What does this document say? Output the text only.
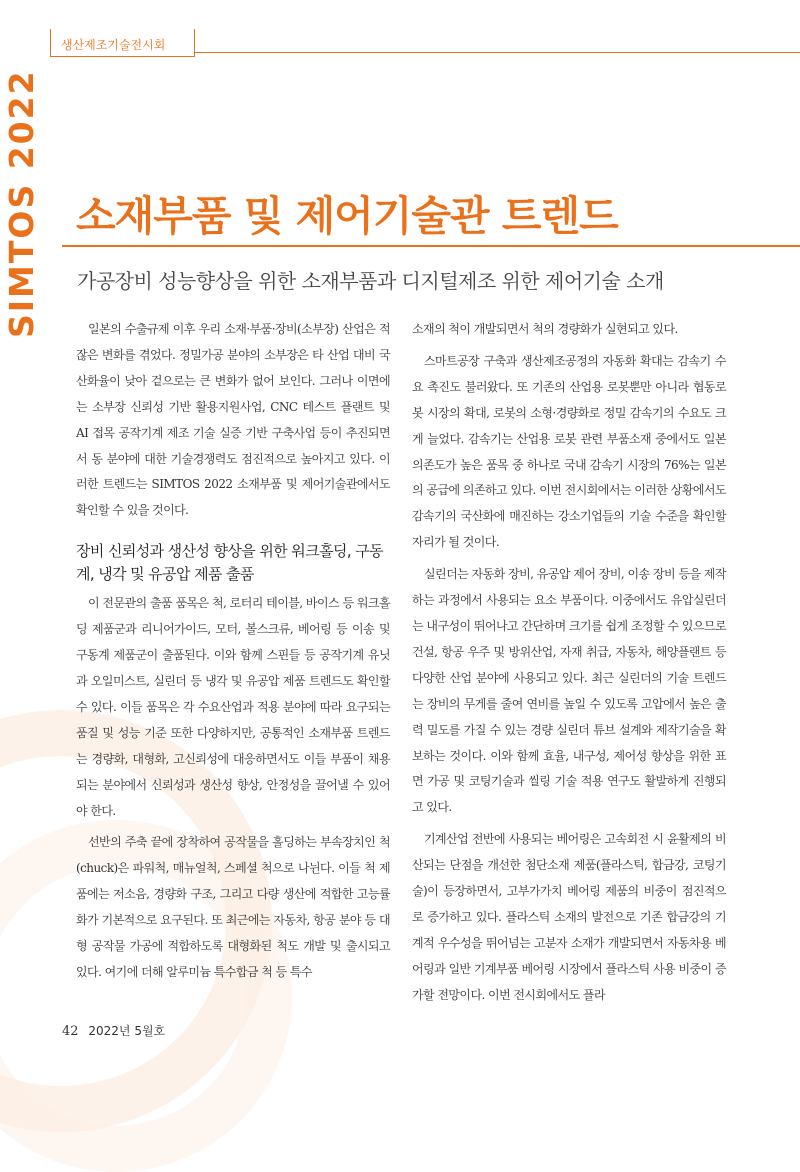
생산제조기술전시회
SIMTOS 2022 소재부품 및 제어기술관 트렌드

가공장비 성능향상을 위한 소재부품과 디지털제조 위한 제어기술 소개

일본의 수출규제 이후 우리 소재·부품·장비(소부장) 산업은 적잖은 변화를 겪었다. 정밀가공 분야의 소부장은 타 산업 대비 국산화율이 낮아 겉으로는 큰 변화가 없어 보인다. 그러나 이면에는 소부장 신뢰성 기반 활용지원사업, CNC 테스트 플랜트 및 AI 접목 공작기계 제조 기술 실증 기반 구축사업 등이 추진되면서 동 분야에 대한 기술경쟁력도 점진적으로 높아지고 있다. 이러한 트렌드는 SIMTOS 2022 소재부품 및 제어기술관에서도 확인할 수 있을 것이다.

장비 신뢰성과 생산성 향상을 위한 워크홀딩, 구동계, 냉각 및 유공압 제품 출품

이 전문관의 출품 품목은 척, 로터리 테이블, 바이스 등 워크홀딩 제품군과 리니어가이드, 모터, 볼스크류, 베어링 등 이송 및 구동계 제품군이 출품된다. 이와 함께 스핀들 등 공작기계 유닛과 오일미스트, 실린더 등 냉각 및 유공압 제품 트렌드도 확인할 수 있다. 이들 품목은 각 수요산업과 적용 분야에 따라 요구되는 품질 및 성능 기준 또한 다양하지만, 공통적인 소재부품 트렌드는 경량화, 대형화, 고신뢰성에 대응하면서도 이들 부품이 채용되는 분야에서 신뢰성과 생산성 향상, 안정성을 끌어낼 수 있어야 한다.

선반의 주축 끝에 장착하여 공작물을 홀딩하는 부속장치인 척(chuck)은 파워척, 매뉴얼척, 스페셜 척으로 나뉜다. 이들 척 제품에는 저소음, 경량화 구조, 그리고 다량 생산에 적합한 고능률화가 기본적으로 요구된다. 또 최근에는 자동차, 항공 분야 등 대형 공작물 가공에 적합하도록 대형화된 척도 개발 및 출시되고 있다. 여기에 더해 알루미늄 특수합금 척 등 특수

소재의 척이 개발되면서 척의 경량화가 실현되고 있다.

스마트공장 구축과 생산제조공정의 자동화 확대는 감속기 수요 촉진도 불러왔다. 또 기존의 산업용 로봇뿐만 아니라 협동로봇 시장의 확대, 로봇의 소형·경량화로 정밀 감속기의 수요도 크게 늘었다. 감속기는 산업용 로봇 관련 부품소재 중에서도 일본 의존도가 높은 품목 중 하나로 국내 감속기 시장의 76%는 일본의 공급에 의존하고 있다. 이번 전시회에서는 이러한 상황에서도 감속기의 국산화에 매진하는 강소기업들의 기술 수준을 확인할 자리가 될 것이다.

실린더는 자동화 장비, 유공압 제어 장비, 이송 장비 등을 제작하는 과정에서 사용되는 요소 부품이다. 이중에서도 유압실린더는 내구성이 뛰어나고 간단하며 크기를 쉽게 조정할 수 있으므로 건설, 항공 우주 및 방위산업, 자재 취급, 자동차, 해양플랜트 등 다양한 산업 분야에 사용되고 있다. 최근 실린더의 기술 트렌드는 장비의 무게를 줄여 연비를 높일 수 있도록 고압에서 높은 출력 밀도를 가질 수 있는 경량 실린더 튜브 설계와 제작기술을 확보하는 것이다. 이와 함께 효율, 내구성, 제어성 향상을 위한 표면 가공 및 코팅기술과 씰링 기술 적용 연구도 활발하게 진행되고 있다.

기계산업 전반에 사용되는 베어링은 고속회전 시 윤활제의 비산되는 단점을 개선한 첨단소재 제품(플라스틱, 합금강, 코팅기술)이 등장하면서, 고부가가치 베어링 제품의 비중이 점진적으로 증가하고 있다. 플라스틱 소재의 발전으로 기존 합금강의 기계적 우수성을 뛰어넘는 고분자 소재가 개발되면서 자동차용 베어링과 일반 기계부품 베어링 시장에서 플라스틱 사용 비중이 증가할 전망이다. 이번 전시회에서도 플라

42 2022년 5월호
